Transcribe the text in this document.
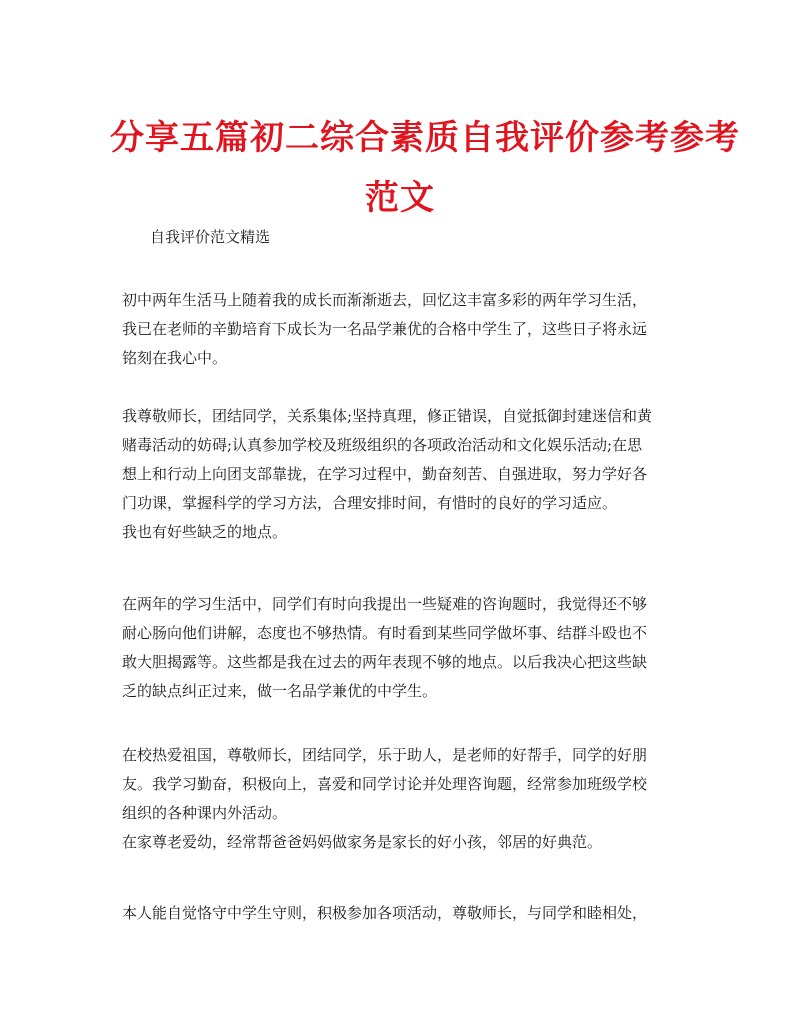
分享五篇初二综合素质自我评价参考参考
范文

自我评价范文精选

初中两年生活马上随着我的成长而渐渐逝去，回忆这丰富多彩的两年学习生活，
我已在老师的辛勤培育下成长为一名品学兼优的合格中学生了，这些日子将永远
铭刻在我心中。

我尊敬师长，团结同学，关系集体;坚持真理，修正错误，自觉抵御封建迷信和黄
赌毒活动的妨碍;认真参加学校及班级组织的各项政治活动和文化娱乐活动;在思
想上和行动上向团支部靠拢，在学习过程中，勤奋刻苦、自强进取，努力学好各
门功课，掌握科学的学习方法，合理安排时间，有惜时的良好的学习适应。
我也有好些缺乏的地点。

在两年的学习生活中，同学们有时向我提出一些疑难的咨询题时，我觉得还不够
耐心肠向他们讲解，态度也不够热情。有时看到某些同学做坏事、结群斗殴也不
敢大胆揭露等。这些都是我在过去的两年表现不够的地点。以后我决心把这些缺
乏的缺点纠正过来，做一名品学兼优的中学生。

在校热爱祖国，尊敬师长，团结同学，乐于助人，是老师的好帮手，同学的好朋
友。我学习勤奋，积极向上，喜爱和同学讨论并处理咨询题，经常参加班级学校
组织的各种课内外活动。
在家尊老爱幼，经常帮爸爸妈妈做家务是家长的好小孩，邻居的好典范。

本人能自觉恪守中学生守则，积极参加各项活动，尊敬师长，与同学和睦相处，
